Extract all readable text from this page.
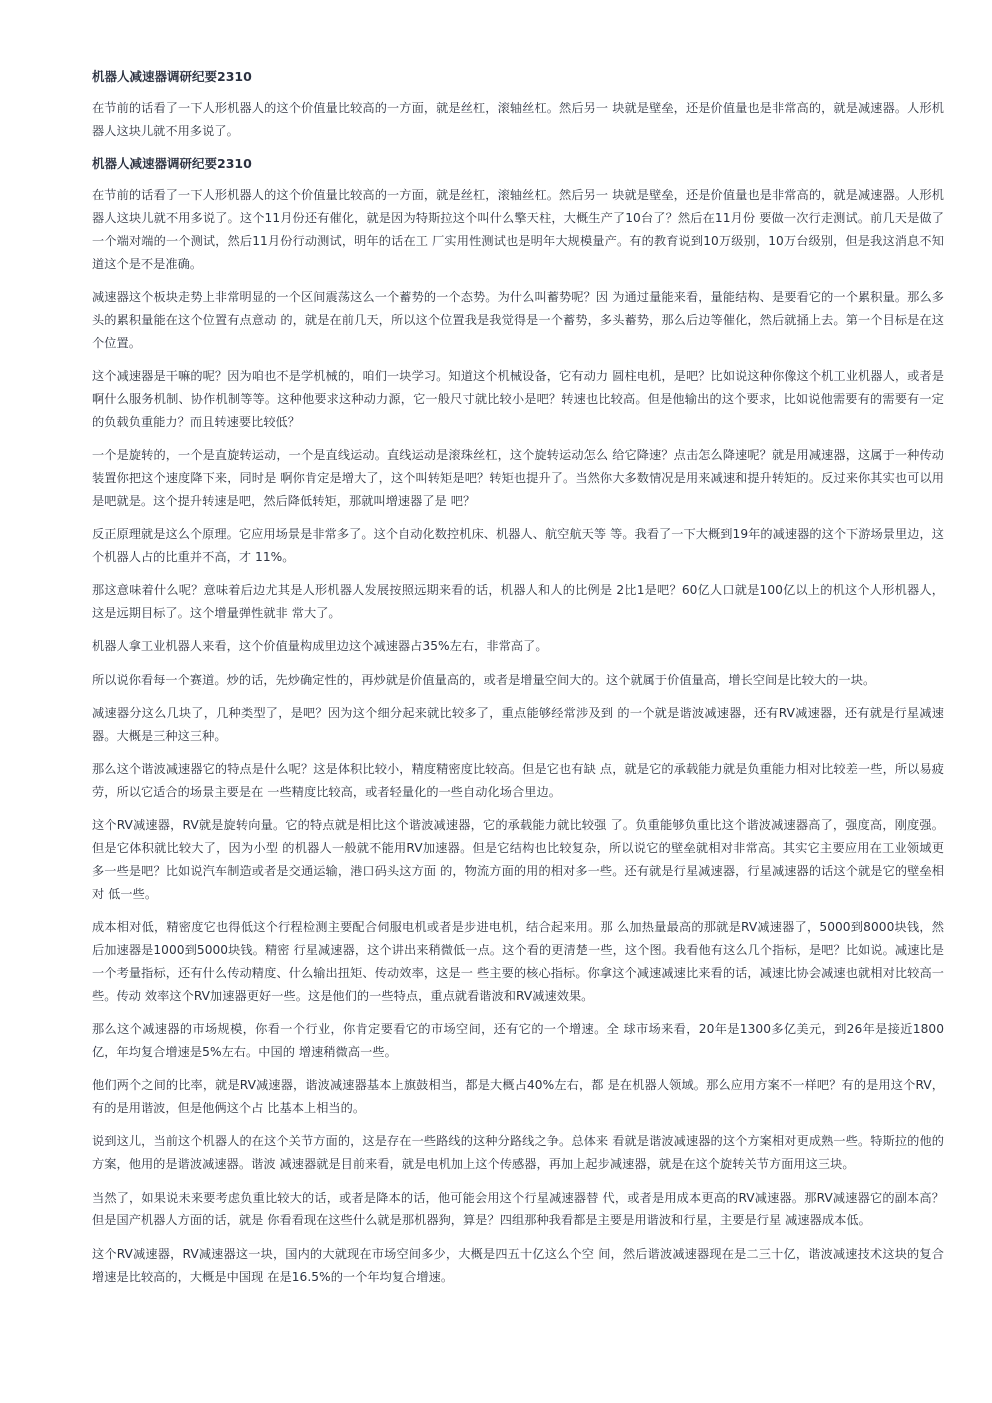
机器人减速器调研纪要2310

在节前的话看了一下人形机器人的这个价值量比较高的一方面，就是丝杠，滚轴丝杠。然后另一 块就是壁垒，还是价值量也是非常高的，就是减速器。人形机器人这块儿就不用多说了。

机器人减速器调研纪要2310

在节前的话看了一下人形机器人的这个价值量比较高的一方面，就是丝杠，滚轴丝杠。然后另一 块就是壁垒，还是价值量也是非常高的，就是减速器。人形机器人这块儿就不用多说了。这个11月份还有催化，就是因为特斯拉这个叫什么擎天柱，大概生产了10台了？然后在11月份 要做一次行走测试。前几天是做了一个端对端的一个测试，然后11月份行动测试，明年的话在工 厂实用性测试也是明年大规模量产。有的教育说到10万级别，10万台级别，但是我这消息不知 道这个是不是准确。

减速器这个板块走势上非常明显的一个区间震荡这么一个蓄势的一个态势。为什么叫蓄势呢？因 为通过量能来看，量能结构、是要看它的一个累积量。那么多头的累积量能在这个位置有点意动 的，就是在前几天，所以这个位置我是我觉得是一个蓄势，多头蓄势，那么后边等催化，然后就捅上去。第一个目标是在这个位置。

这个减速器是干嘛的呢？因为咱也不是学机械的，咱们一块学习。知道这个机械设备，它有动力 圆柱电机，是吧？比如说这种你像这个机工业机器人，或者是啊什么服务机制、协作机制等等。这种他要求这种动力源，它一般尺寸就比较小是吧？转速也比较高。但是他输出的这个要求，比如说他需要有的需要有一定的负载负重能力？而且转速要比较低？

一个是旋转的，一个是直旋转运动，一个是直线运动。直线运动是滚珠丝杠，这个旋转运动怎么 给它降速？点击怎么降速呢？就是用减速器，这属于一种传动装置你把这个速度降下来，同时是 啊你肯定是增大了，这个叫转矩是吧？转矩也提升了。当然你大多数情况是用来减速和提升转矩的。反过来你其实也可以用是吧就是。这个提升转速是吧，然后降低转矩，那就叫增速器了是 吧？

反正原理就是这么个原理。它应用场景是非常多了。这个自动化数控机床、机器人、航空航天等 等。我看了一下大概到19年的减速器的这个下游场景里边，这个机器人占的比重并不高，才 11%。

那这意味着什么呢？意味着后边尤其是人形机器人发展按照远期来看的话，机器人和人的比例是 2比1是吧？60亿人口就是100亿以上的机这个人形机器人，这是远期目标了。这个增量弹性就非 常大了。

机器人拿工业机器人来看，这个价值量构成里边这个减速器占35%左右，非常高了。

所以说你看每一个赛道。炒的话，先炒确定性的，再炒就是价值量高的，或者是增量空间大的。这个就属于价值量高，增长空间是比较大的一块。

减速器分这么几块了，几种类型了，是吧？因为这个细分起来就比较多了，重点能够经常涉及到 的一个就是谐波减速器，还有RV减速器，还有就是行星减速器。大概是三种这三种。

那么这个谐波减速器它的特点是什么呢？这是体积比较小，精度精密度比较高。但是它也有缺 点，就是它的承载能力就是负重能力相对比较差一些，所以易疲劳，所以它适合的场景主要是在 一些精度比较高，或者轻量化的一些自动化场合里边。

这个RV减速器，RV就是旋转向量。它的特点就是相比这个谐波减速器，它的承载能力就比较强 了。负重能够负重比这个谐波减速器高了，强度高，刚度强。但是它体积就比较大了，因为小型 的机器人一般就不能用RV加速器。但是它结构也比较复杂，所以说它的壁垒就相对非常高。其实它主要应用在工业领域更多一些是吧？比如说汽车制造或者是交通运输，港口码头这方面 的，物流方面的用的相对多一些。还有就是行星减速器，行星减速器的话这个就是它的壁垒相对 低一些。

成本相对低，精密度它也得低这个行程检测主要配合伺服电机或者是步进电机，结合起来用。那 么加热量最高的那就是RV减速器了，5000到8000块钱，然后加速器是1000到5000块钱。精密 行星减速器，这个讲出来稍微低一点。这个看的更清楚一些，这个图。我看他有这么几个指标，是吧？比如说。减速比是一个考量指标，还有什么传动精度、什么输出扭矩、传动效率，这是一 些主要的核心指标。你拿这个减速减速比来看的话，减速比协会减速也就相对比较高一些。传动 效率这个RV加速器更好一些。这是他们的一些特点，重点就看谐波和RV减速效果。

那么这个减速器的市场规模，你看一个行业，你肯定要看它的市场空间，还有它的一个增速。全 球市场来看，20年是1300多亿美元，到26年是接近1800亿，年均复合增速是5%左右。中国的 增速稍微高一些。

他们两个之间的比率，就是RV减速器，谐波减速器基本上旗鼓相当，都是大概占40%左右，都 是在机器人领域。那么应用方案不一样吧？有的是用这个RV，有的是用谐波，但是他俩这个占 比基本上相当的。

说到这儿，当前这个机器人的在这个关节方面的，这是存在一些路线的这种分路线之争。总体来 看就是谐波减速器的这个方案相对更成熟一些。特斯拉的他的方案，他用的是谐波减速器。谐波 减速器就是目前来看，就是电机加上这个传感器，再加上起步减速器，就是在这个旋转关节方面用这三块。

当然了，如果说未来要考虑负重比较大的话，或者是降本的话，他可能会用这个行星减速器替 代，或者是用成本更高的RV减速器。那RV减速器它的副本高？但是国产机器人方面的话，就是 你看看现在这些什么就是那机器狗，算是？四组那种我看都是主要是用谐波和行星，主要是行星 减速器成本低。

这个RV减速器，RV减速器这一块，国内的大就现在市场空间多少，大概是四五十亿这么个空 间，然后谐波减速器现在是二三十亿，谐波减速技术这块的复合增速是比较高的，大概是中国现 在是16.5%的一个年均复合增速。
